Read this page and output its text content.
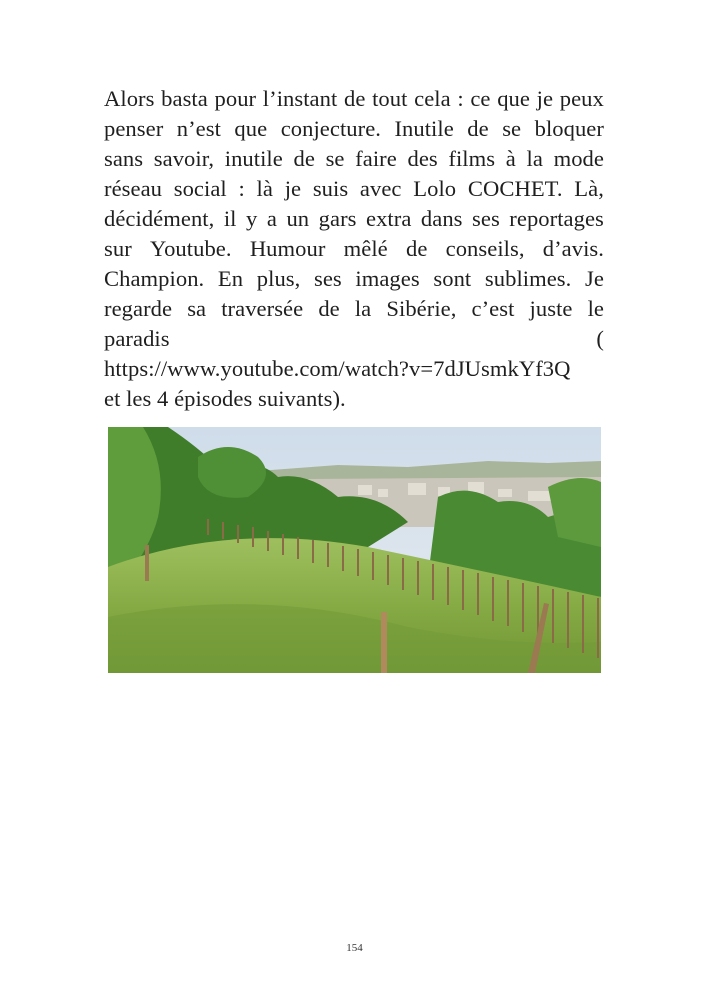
Alors basta pour l’instant de tout cela : ce que je peux
penser n’est que conjecture. Inutile de se bloquer
sans savoir, inutile de se faire des films à la mode
réseau social : là je suis avec Lolo COCHET. Là,
décidément, il y a un gars extra dans ses reportages
sur Youtube. Humour mêlé de conseils, d’avis.
Champion. En plus, ses images sont sublimes. Je
regarde sa traversée de la Sibérie, c’est juste le
paradis	(
https://www.youtube.com/watch?v=7dJUsmkYf3Q
et les 4 épisodes suivants).
154
